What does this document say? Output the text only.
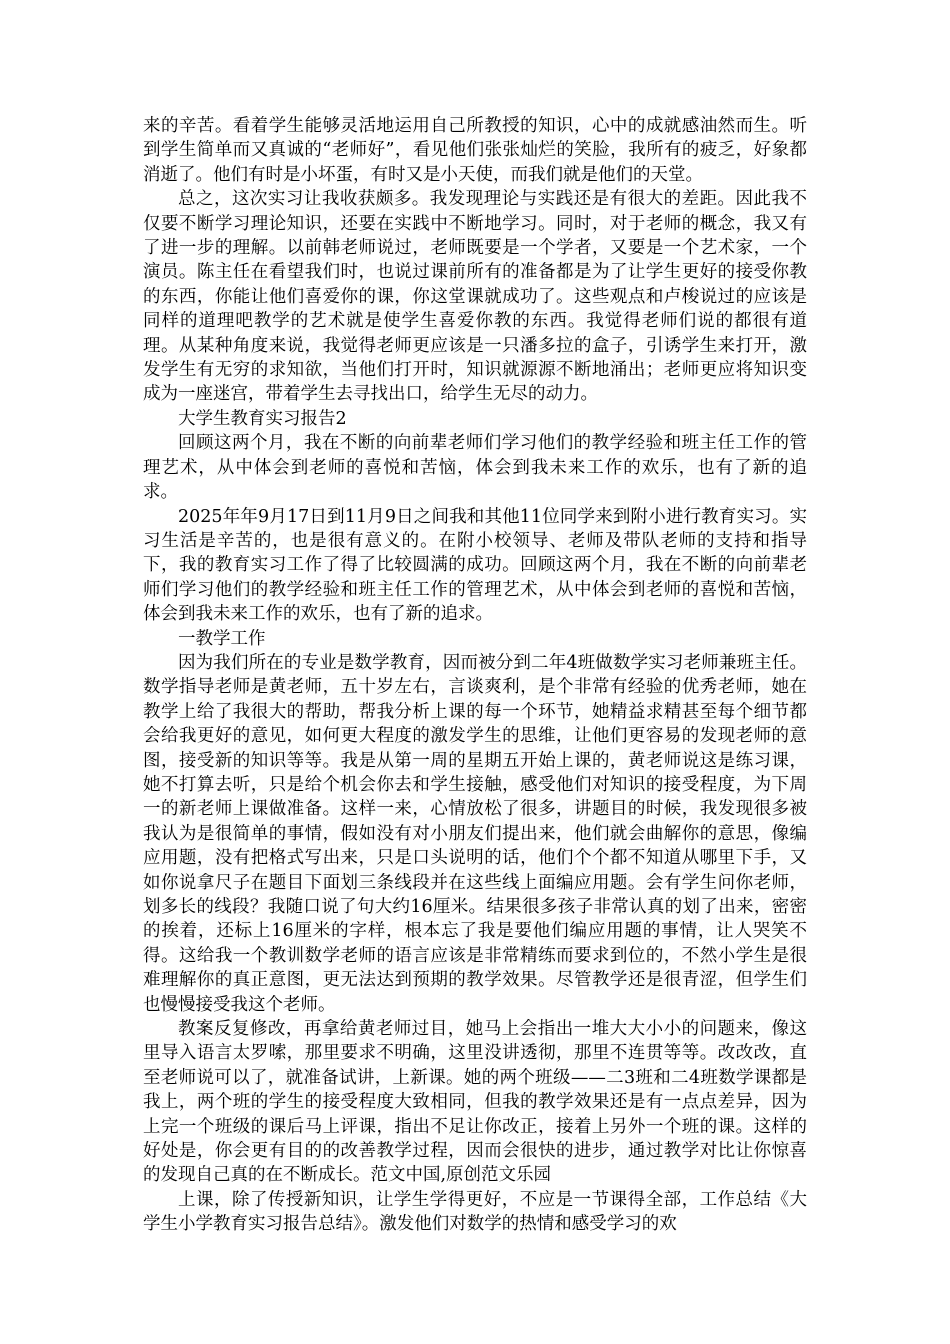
来的辛苦。看着学生能够灵活地运用自己所教授的知识，心中的成就感油然而生。听到学生简单而又真诚的“老师好”，看见他们张张灿烂的笑脸，我所有的疲乏，好象都消逝了。他们有时是小坏蛋，有时又是小天使，而我们就是他们的天堂。

总之，这次实习让我收获颇多。我发现理论与实践还是有很大的差距。因此我不仅要不断学习理论知识，还要在实践中不断地学习。同时，对于老师的概念，我又有了进一步的理解。以前韩老师说过，老师既要是一个学者，又要是一个艺术家，一个演员。陈主任在看望我们时，也说过课前所有的准备都是为了让学生更好的接受你教的东西，你能让他们喜爱你的课，你这堂课就成功了。这些观点和卢梭说过的应该是同样的道理吧教学的艺术就是使学生喜爱你教的东西。我觉得老师们说的都很有道理。从某种角度来说，我觉得老师更应该是一只潘多拉的盒子，引诱学生来打开，激发学生有无穷的求知欲，当他们打开时，知识就源源不断地涌出；老师更应将知识变成为一座迷宫，带着学生去寻找出口，给学生无尽的动力。

大学生教育实习报告2

回顾这两个月，我在不断的向前辈老师们学习他们的教学经验和班主任工作的管理艺术，从中体会到老师的喜悦和苦恼，体会到我未来工作的欢乐，也有了新的追求。

2025年年9月17日到11月9日之间我和其他11位同学来到附小进行教育实习。实习生活是辛苦的，也是很有意义的。在附小校领导、老师及带队老师的支持和指导下，我的教育实习工作了得了比较圆满的成功。回顾这两个月，我在不断的向前辈老师们学习他们的教学经验和班主任工作的管理艺术，从中体会到老师的喜悦和苦恼，体会到我未来工作的欢乐，也有了新的追求。

一教学工作

因为我们所在的专业是数学教育，因而被分到二年4班做数学实习老师兼班主任。数学指导老师是黄老师，五十岁左右，言谈爽利，是个非常有经验的优秀老师，她在教学上给了我很大的帮助，帮我分析上课的每一个环节，她精益求精甚至每个细节都会给我更好的意见，如何更大程度的激发学生的思维，让他们更容易的发现老师的意图，接受新的知识等等。我是从第一周的星期五开始上课的，黄老师说这是练习课，她不打算去听，只是给个机会你去和学生接触，感受他们对知识的接受程度，为下周一的新老师上课做准备。这样一来，心情放松了很多，讲题目的时候，我发现很多被我认为是很简单的事情，假如没有对小朋友们提出来，他们就会曲解你的意思，像编应用题，没有把格式写出来，只是口头说明的话，他们个个都不知道从哪里下手，又如你说拿尺子在题目下面划三条线段并在这些线上面编应用题。会有学生问你老师，划多长的线段？我随口说了句大约16厘米。结果很多孩子非常认真的划了出来，密密的挨着，还标上16厘米的字样，根本忘了我是要他们编应用题的事情，让人哭笑不得。这给我一个教训数学老师的语言应该是非常精练而要求到位的，不然小学生是很难理解你的真正意图，更无法达到预期的教学效果。尽管教学还是很青涩，但学生们也慢慢接受我这个老师。

教案反复修改，再拿给黄老师过目，她马上会指出一堆大大小小的问题来，像这里导入语言太罗嗦，那里要求不明确，这里没讲透彻，那里不连贯等等。改改改，直至老师说可以了，就准备试讲，上新课。她的两个班级——二3班和二4班数学课都是我上，两个班的学生的接受程度大致相同，但我的教学效果还是有一点点差异，因为上完一个班级的课后马上评课，指出不足让你改正，接着上另外一个班的课。这样的好处是，你会更有目的的改善教学过程，因而会很快的进步，通过教学对比让你惊喜的发现自己真的在不断成长。范文中国,原创范文乐园

上课，除了传授新知识，让学生学得更好，不应是一节课得全部，工作总结《大学生小学教育实习报告总结》。激发他们对数学的热情和感受学习的欢
